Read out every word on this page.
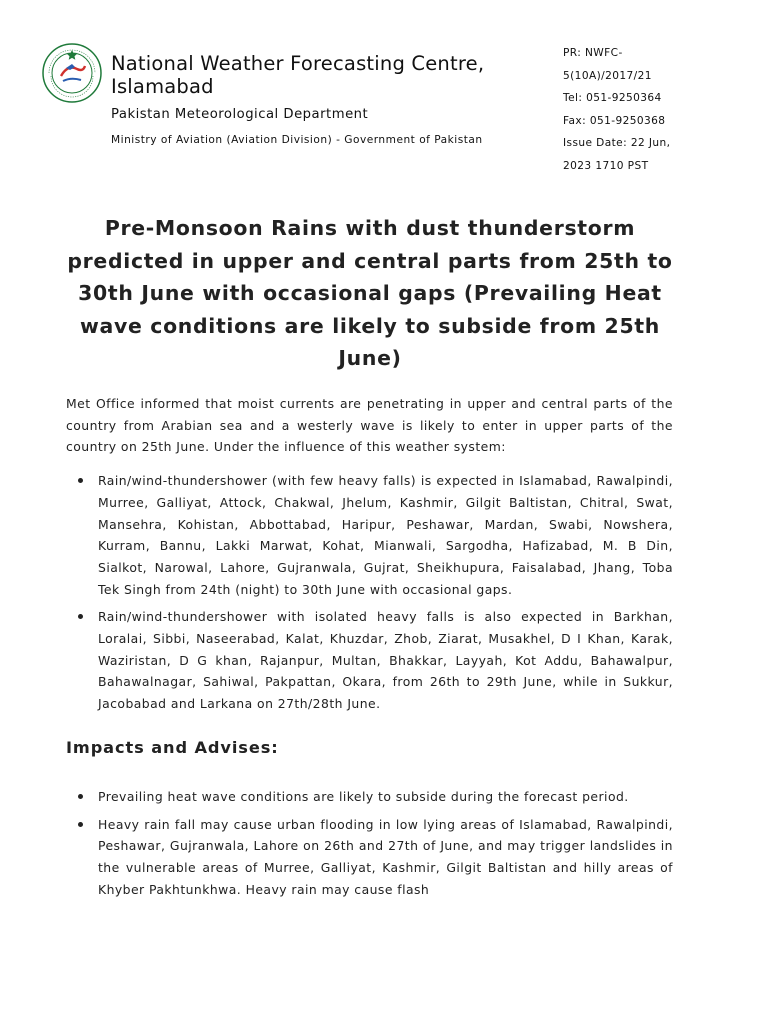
National Weather Forecasting Centre, Islamabad
Pakistan Meteorological Department
Ministry of Aviation (Aviation Division) - Government of Pakistan
PR: NWFC-
5(10A)/2017/21
Tel: 051-9250364
Fax: 051-9250368
Issue Date: 22 Jun,
2023 1710 PST
Pre-Monsoon Rains with dust thunderstorm predicted in upper and central parts from 25th to 30th June with occasional gaps (Prevailing Heat wave conditions are likely to subside from 25th June)

Met Office informed that moist currents are penetrating in upper and central parts of the country from Arabian sea and a westerly wave is likely to enter in upper parts of the country on 25th June. Under the influence of this weather system:

Rain/wind-thundershower (with few heavy falls) is expected in Islamabad, Rawalpindi, Murree, Galliyat, Attock, Chakwal, Jhelum, Kashmir, Gilgit Baltistan, Chitral, Swat, Mansehra, Kohistan, Abbottabad, Haripur, Peshawar, Mardan, Swabi, Nowshera, Kurram, Bannu, Lakki Marwat, Kohat, Mianwali, Sargodha, Hafizabad, M. B Din, Sialkot, Narowal, Lahore, Gujranwala, Gujrat, Sheikhupura, Faisalabad, Jhang, Toba Tek Singh from 24th (night) to 30th June with occasional gaps.
Rain/wind-thundershower with isolated heavy falls is also expected in Barkhan, Loralai, Sibbi, Naseerabad, Kalat, Khuzdar, Zhob, Ziarat, Musakhel, D I Khan, Karak, Waziristan, D G khan, Rajanpur, Multan, Bhakkar, Layyah, Kot Addu, Bahawalpur, Bahawalnagar, Sahiwal, Pakpattan, Okara, from 26th to 29th June, while in Sukkur, Jacobabad and Larkana on 27th/28th June.
Impacts and Advises:
Prevailing heat wave conditions are likely to subside during the forecast period.
Heavy rain fall may cause urban flooding in low lying areas of Islamabad, Rawalpindi, Peshawar, Gujranwala, Lahore on 26th and 27th of June, and may trigger landslides in the vulnerable areas of Murree, Galliyat, Kashmir, Gilgit Baltistan and hilly areas of Khyber Pakhtunkhwa. Heavy rain may cause flash
